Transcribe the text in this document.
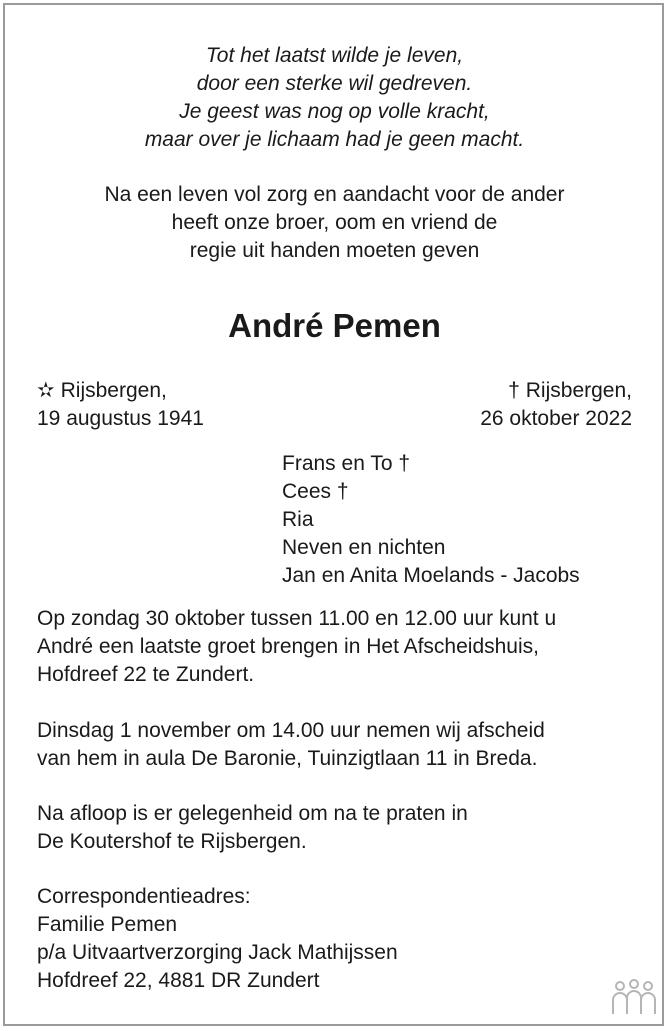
Tot het laatst wilde je leven,
door een sterke wil gedreven.
Je geest was nog op volle kracht,
maar over je lichaam had je geen macht.
Na een leven vol zorg en aandacht voor de ander
heeft onze broer, oom en vriend de
regie uit handen moeten geven
André Pemen
✫ Rijsbergen,
19 augustus 1941
† Rijsbergen,
26 oktober 2022
Frans en To †
Cees †
Ria
Neven en nichten
Jan en Anita Moelands - Jacobs
Op zondag 30 oktober tussen 11.00 en 12.00 uur kunt u
André een laatste groet brengen in Het Afscheidshuis,
Hofdreef 22 te Zundert.
Dinsdag 1 november om 14.00 uur nemen wij afscheid
van hem in aula De Baronie, Tuinzigtlaan 11 in Breda.
Na afloop is er gelegenheid om na te praten in
De Koutershof te Rijsbergen.
Correspondentieadres:
Familie Pemen
p/a Uitvaartverzorging Jack Mathijssen
Hofdreef 22, 4881 DR Zundert
